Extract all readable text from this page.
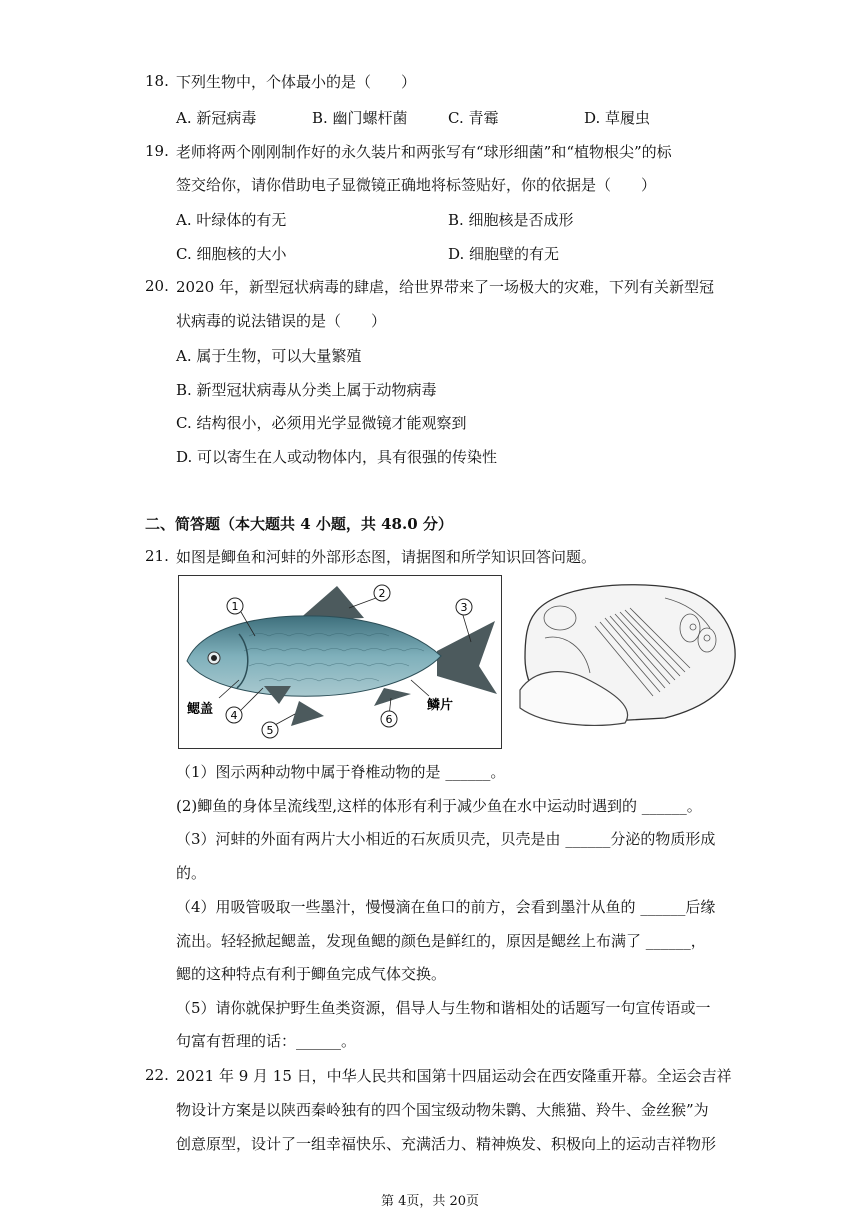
18. 下列生物中，个体最小的是（　　）
A. 新冠病毒	B. 幽门螺杆菌	C. 青霉	D. 草履虫
19. 老师将两个刚刚制作好的永久装片和两张写有“球形细菌”和“植物根尖”的标
签交给你，请你借助电子显微镜正确地将标签贴好，你的依据是（　　）
A. 叶绿体的有无	B. 细胞核是否成形
C. 细胞核的大小	D. 细胞壁的有无
20. 2020 年，新型冠状病毒的肆虐，给世界带来了一场极大的灾难，下列有关新型冠
状病毒的说法错误的是（　　）
A. 属于生物，可以大量繁殖
B. 新型冠状病毒从分类上属于动物病毒
C. 结构很小，必须用光学显微镜才能观察到
D. 可以寄生在人或动物体内，具有很强的传染性
二、简答题（本大题共 4 小题，共 48.0 分）
21. 如图是鲫鱼和河蚌的外部形态图，请据图和所学知识回答问题。
1
2
3
4
5
6
鳃盖	鳞片
（1）图示两种动物中属于脊椎动物的是 ______。
(2)鲫鱼的身体呈流线型,这样的体形有利于减少鱼在水中运动时遇到的 ______。
（3）河蚌的外面有两片大小相近的石灰质贝壳，贝壳是由 ______分泌的物质形成
的。
（4）用吸管吸取一些墨汁，慢慢滴在鱼口的前方，会看到墨汁从鱼的 ______后缘
流出。轻轻掀起鳃盖，发现鱼鳃的颜色是鲜红的，原因是鳃丝上布满了 ______，
鳃的这种特点有利于鲫鱼完成气体交换。
（5）请你就保护野生鱼类资源，倡导人与生物和谐相处的话题写一句宣传语或一
句富有哲理的话：______。
22. 2021 年 9 月 15 日，中华人民共和国第十四届运动会在西安隆重开幕。全运会吉祥
物设计方案是以陕西秦岭独有的四个国宝级动物朱鹮、大熊猫、羚牛、金丝猴”为
创意原型，设计了一组幸福快乐、充满活力、精神焕发、积极向上的运动吉祥物形
第 4页，共 20页
